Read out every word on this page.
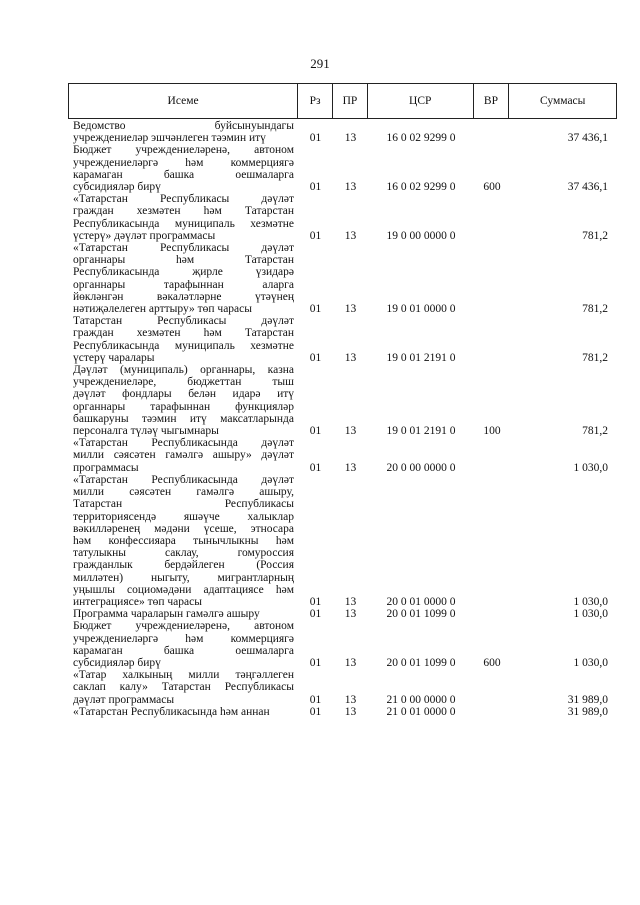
291
Исеме	Рз	ПР	ЦСР	ВР	Суммасы
Ведомство буйсынуындагы
учреждениеләр эшчәнлеген тәэмин итү	01	13	16 0 02 9299 0	37 436,1
Бюджет учреждениеләренә, автоном
учреждениеләргә һәм коммерциягә
карамаган башка оешмаларга
субсидияләр бирү	01	13	16 0 02 9299 0	600	37 436,1
«Татарстан Республикасы дәүләт
граждан хезмәтен һәм Татарстан
Республикасында муниципаль хезмәтне
үстерү» дәүләт программасы	01	13	19 0 00 0000 0	781,2
«Татарстан Республикасы дәүләт
органнары һәм Татарстан
Республикасында җирле үзидарә
органнары тарафыннан аларга
йөкләнгән вәкаләтләрне үтәүнең
нәтиҗәлелеген арттыру» төп чарасы	01	13	19 0 01 0000 0	781,2
Татарстан Республикасы дәүләт
граждан хезмәтен һәм Татарстан
Республикасында муниципаль хезмәтне
үстерү чаралары	01	13	19 0 01 2191 0	781,2
Дәүләт (муниципаль) органнары, казна
учреждениеләре, бюджеттан тыш
дәүләт фондлары белән идарә итү
органнары тарафыннан функцияләр
башкаруны тәэмин итү максатларында
персоналга түләү чыгымнары	01	13	19 0 01 2191 0	100	781,2
«Татарстан Республикасында дәүләт
милли сәясәтен гамәлгә ашыру» дәүләт
программасы	01	13	20 0 00 0000 0	1 030,0
«Татарстан Республикасында дәүләт
милли сәясәтен гамәлгә ашыру,
Татарстан Республикасы
территориясендә яшәүче халыклар
вәкилләренең мәдәни үсеше, этносара
һәм конфессияара тынычлыкны һәм
татулыкны саклау, гомуроссия
гражданлык бердәйлеген (Россия
милләтен) ныгыту, мигрантларның
уңышлы социомәдәни адаптациясе һәм
интеграциясе» төп чарасы	01	13	20 0 01 0000 0	1 030,0
Программа чараларын гамәлгә ашыру	01	13	20 0 01 1099 0	1 030,0
Бюджет учреждениеләренә, автоном
учреждениеләргә һәм коммерциягә
карамаган башка оешмаларга
субсидияләр бирү	01	13	20 0 01 1099 0	600	1 030,0
«Татар халкының милли тәңгәллеген
саклап калу» Татарстан Республикасы
дәүләт программасы	01	13	21 0 00 0000 0	31 989,0
«Татарстан Республикасында һәм аннан	01	13	21 0 01 0000 0	31 989,0
